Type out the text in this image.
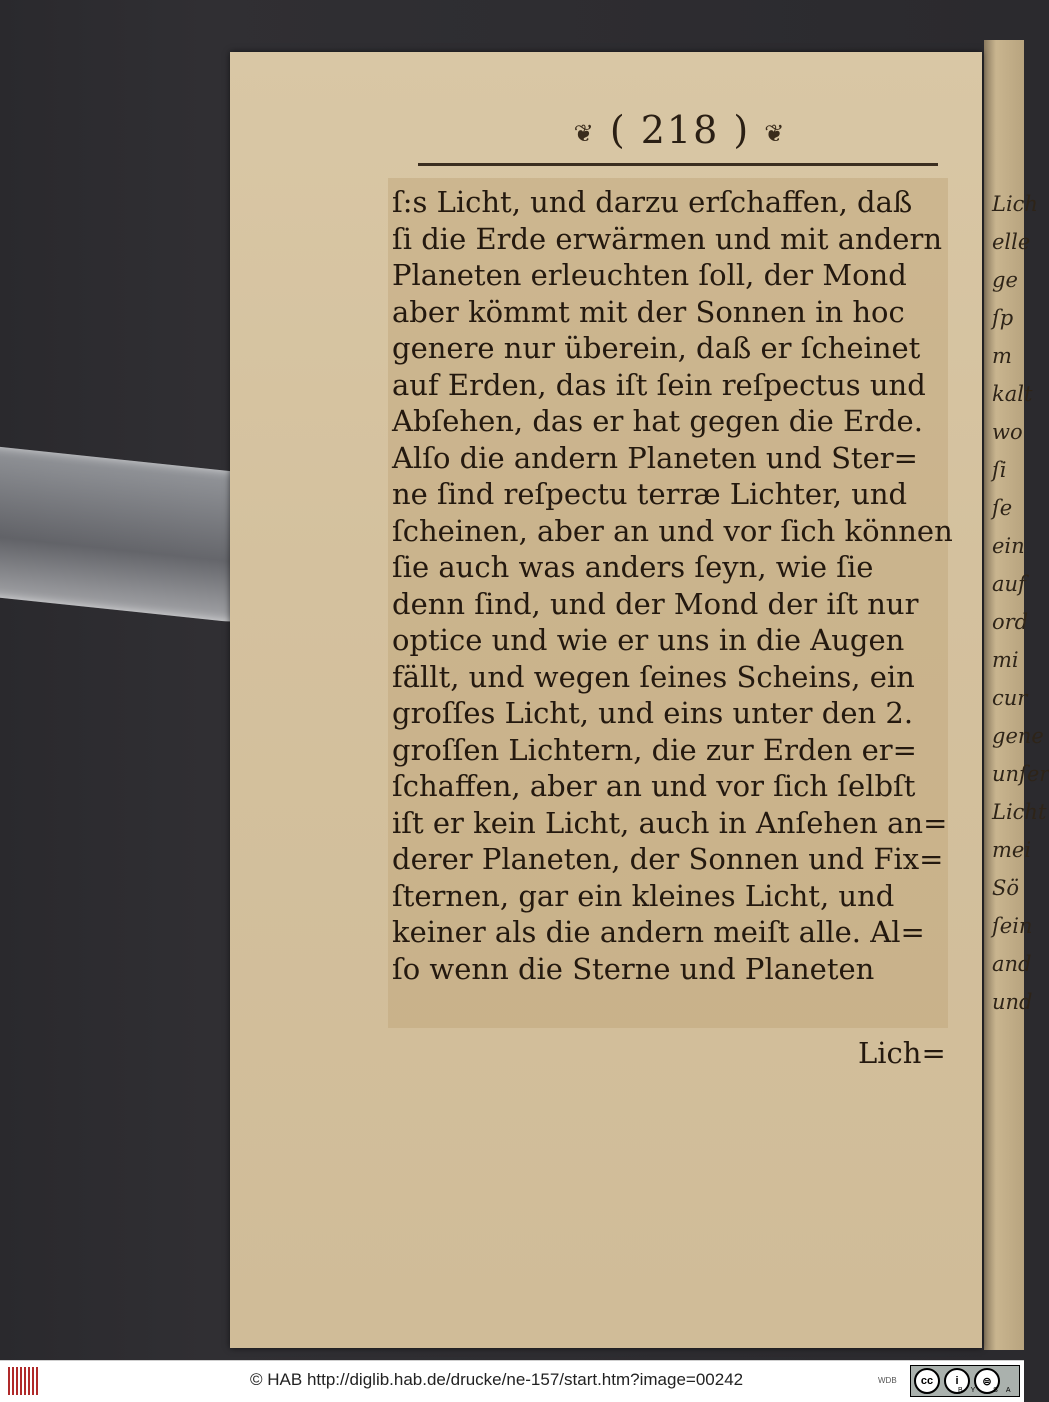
Lich
elle
ge
ſp
m
kalt
wo
ſi
ſe
ein
auf
ord
mi
cur
gene
unſer
Licht
mei
Sö
ſein
and
und
❦ ( 218 ) ❦
ſ:s Licht, und darzu erſchaffen, daß
ſi die Erde erwärmen und mit andern
Planeten erleuchten ſoll, der Mond
aber kömmt mit der Sonnen in hoc
genere nur überein, daß er ſcheinet
auf Erden, das iſt ſein reſpectus und
Abſehen, das er hat gegen die Erde.
Alſo die andern Planeten und Ster=
ne ſind reſpectu terræ Lichter, und
ſcheinen, aber an und vor ſich können
ſie auch was anders ſeyn, wie ſie
denn ſind, und der Mond der iſt nur
optice und wie er uns in die Augen
fällt, und wegen ſeines Scheins, ein
groſſes Licht, und eins unter den 2.
groſſen Lichtern, die zur Erden er=
ſchaffen, aber an und vor ſich ſelbſt
iſt er kein Licht, auch in Anſehen an=
derer Planeten, der Sonnen und Fix=
ſternen, gar ein kleines Licht, und
keiner als die andern meiſt alle. Al=
ſo wenn die Sterne und Planeten
Lich=
© HAB http://diglib.hab.de/drucke/ne-157/start.htm?image=00242	WDB	cc	i	⊜
BY SA
